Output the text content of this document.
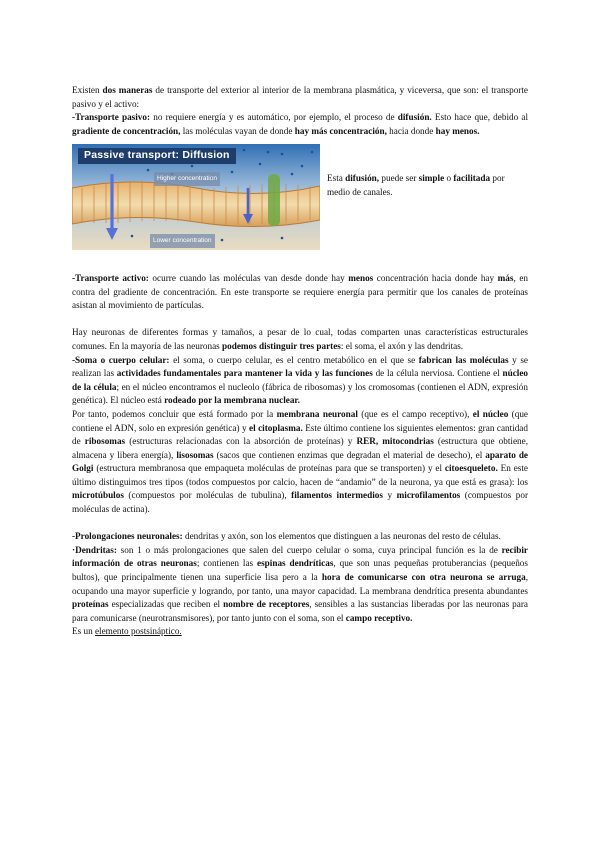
Existen dos maneras de transporte del exterior al interior de la membrana plasmática, y viceversa, que son: el transporte pasivo y el activo:

-Transporte pasivo: no requiere energía y es automático, por ejemplo, el proceso de difusión. Esto hace que, debido al gradiente de concentración, las moléculas vayan de donde hay más concentración, hacia donde hay menos.

Passive transport: Diffusion
Higher concentration
Lower concentration

Esta difusión, puede ser simple o facilitada por medio de canales.

-Transporte activo: ocurre cuando las moléculas van desde donde hay menos concentración hacia donde hay más, en contra del gradiente de concentración. En este transporte se requiere energía para permitir que los canales de proteínas asistan al movimiento de partículas.

Hay neuronas de diferentes formas y tamaños, a pesar de lo cual, todas comparten unas características estructurales comunes. En la mayoría de las neuronas podemos distinguir tres partes: el soma, el axón y las dendritas.

-Soma o cuerpo celular: el soma, o cuerpo celular, es el centro metabólico en el que se fabrican las moléculas y se realizan las actividades fundamentales para mantener la vida y las funciones de la célula nerviosa. Contiene el núcleo de la célula; en el núcleo encontramos el nucleolo (fábrica de ribosomas) y los cromosomas (contienen el ADN, expresión genética). El núcleo está rodeado por la membrana nuclear.

Por tanto, podemos concluir que está formado por la membrana neuronal (que es el campo receptivo), el núcleo (que contiene el ADN, solo en expresión genética) y el citoplasma. Este último contiene los siguientes elementos: gran cantidad de ribosomas (estructuras relacionadas con la absorción de proteínas) y RER, mitocondrias (estructura que obtiene, almacena y libera energía), lisosomas (sacos que contienen enzimas que degradan el material de desecho), el aparato de Golgi (estructura membranosa que empaqueta moléculas de proteínas para que se transporten) y el citoesqueleto. En este último distinguimos tres tipos (todos compuestos por calcio, hacen de “andamio” de la neurona, ya que está es grasa): los microtúbulos (compuestos por moléculas de tubulina), filamentos intermedios y microfilamentos (compuestos por moléculas de actina).

-Prolongaciones neuronales: dendritas y axón, son los elementos que distinguen a las neuronas del resto de células.

·Dendritas: son 1 o más prolongaciones que salen del cuerpo celular o soma, cuya principal función es la de recibir información de otras neuronas; contienen las espinas dendríticas, que son unas pequeñas protuberancias (pequeños bultos), que principalmente tienen una superficie lisa pero a la hora de comunicarse con otra neurona se arruga, ocupando una mayor superficie y logrando, por tanto, una mayor capacidad. La membrana dendrítica presenta abundantes proteínas especializadas que reciben el nombre de receptores, sensibles a las sustancias liberadas por las neuronas para para comunicarse (neurotransmisores), por tanto junto con el soma, son el campo receptivo.

Es un elemento postsináptico.
